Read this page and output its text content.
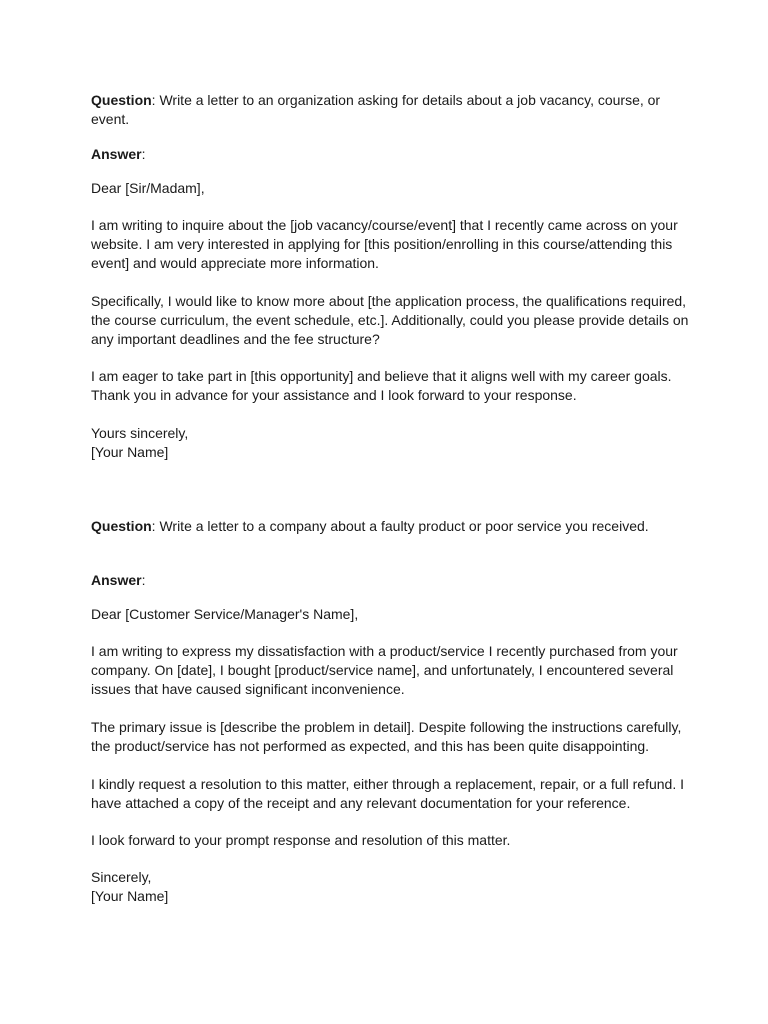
Question: Write a letter to an organization asking for details about a job vacancy, course, or event.

Answer:

Dear [Sir/Madam],

I am writing to inquire about the [job vacancy/course/event] that I recently came across on your website. I am very interested in applying for [this position/enrolling in this course/attending this event] and would appreciate more information.

Specifically, I would like to know more about [the application process, the qualifications required, the course curriculum, the event schedule, etc.]. Additionally, could you please provide details on any important deadlines and the fee structure?

I am eager to take part in [this opportunity] and believe that it aligns well with my career goals. Thank you in advance for your assistance and I look forward to your response.

Yours sincerely,

[Your Name]

Question: Write a letter to a company about a faulty product or poor service you received.

Answer:

Dear [Customer Service/Manager's Name],

I am writing to express my dissatisfaction with a product/service I recently purchased from your company. On [date], I bought [product/service name], and unfortunately, I encountered several issues that have caused significant inconvenience.

The primary issue is [describe the problem in detail]. Despite following the instructions carefully, the product/service has not performed as expected, and this has been quite disappointing.

I kindly request a resolution to this matter, either through a replacement, repair, or a full refund. I have attached a copy of the receipt and any relevant documentation for your reference.

I look forward to your prompt response and resolution of this matter.

Sincerely,

[Your Name]
